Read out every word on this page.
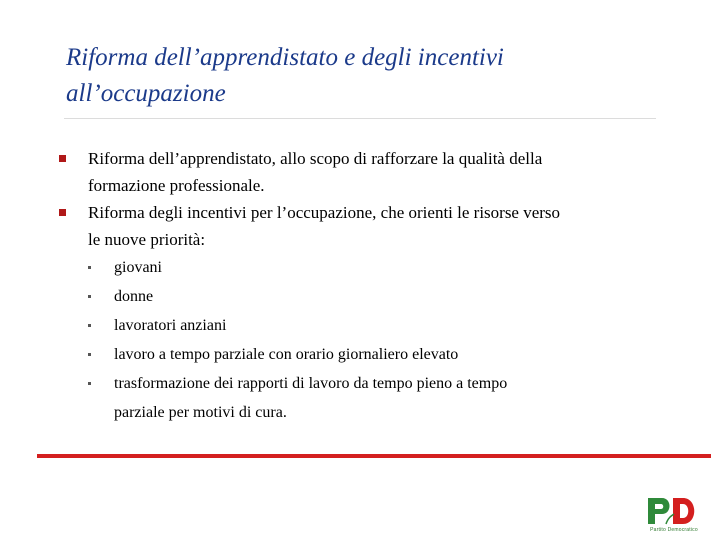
Riforma dell’apprendistato e degli incentivi
all’occupazione
Riforma dell’apprendistato, allo scopo di rafforzare la qualità della
formazione professionale.
Riforma degli incentivi per l’occupazione, che orienti le risorse verso
le nuove priorità:
giovani
donne
lavoratori anziani
lavoro a tempo parziale con orario giornaliero elevato
trasformazione dei rapporti di lavoro da tempo pieno a tempo
parziale per motivi di cura.
Partito Democratico
